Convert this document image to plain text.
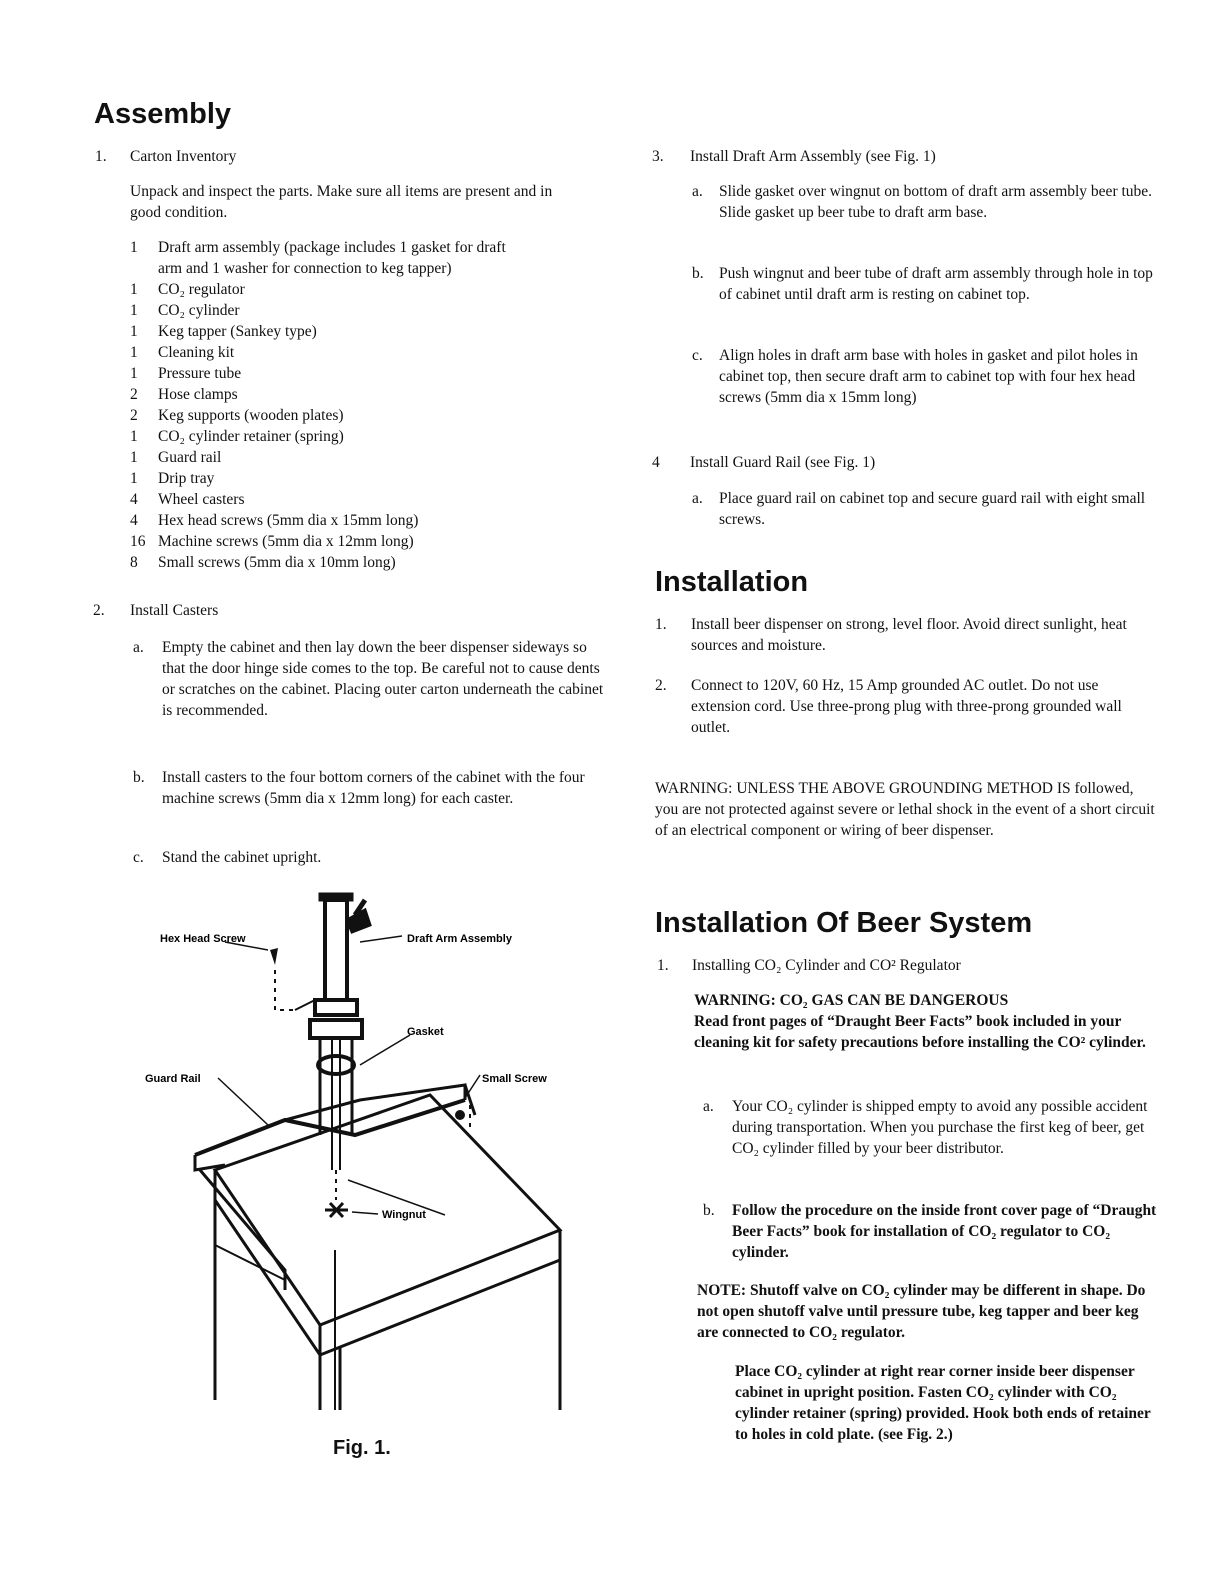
Assembly
1. Carton Inventory
Unpack and inspect the parts. Make sure all items are present and in good condition.
1 Draft arm assembly (package includes 1 gasket for draft
arm and 1 washer for connection to keg tapper)
1 CO₂ regulator
1 CO₂ cylinder
1 Keg tapper (Sankey type)
1 Cleaning kit
1 Pressure tube
2 Hose clamps
2 Keg supports (wooden plates)
1 CO₂ cylinder retainer (spring)
1 Guard rail
1 Drip tray
4 Wheel casters
4 Hex head screws (5mm dia x 15mm long)
16 Machine screws (5mm dia x 12mm long)
8 Small screws (5mm dia x 10mm long)
2. Install Casters
a. Empty the cabinet and then lay down the beer dispenser sideways so that the door hinge side comes to the top. Be careful not to cause dents or scratches on the cabinet. Placing outer carton underneath the cabinet is recommended.
b. Install casters to the four bottom corners of the cabinet with the four machine screws (5mm dia x 12mm long) for each caster.
c. Stand the cabinet upright.
Hex Head Screw	Draft Arm Assembly
Gasket
Guard Rail	Small Screw
Wingnut
Fig. 1.
3. Install Draft Arm Assembly (see Fig. 1)
a. Slide gasket over wingnut on bottom of draft arm assembly beer tube. Slide gasket up beer tube to draft arm base.
b. Push wingnut and beer tube of draft arm assembly through hole in top of cabinet until draft arm is resting on cabinet top.
c. Align holes in draft arm base with holes in gasket and pilot holes in cabinet top, then secure draft arm to cabinet top with four hex head screws (5mm dia x 15mm long)
4 Install Guard Rail (see Fig. 1)
a. Place guard rail on cabinet top and secure guard rail with eight small screws.
Installation
1. Install beer dispenser on strong, level floor. Avoid direct sunlight, heat sources and moisture.
2. Connect to 120V, 60 Hz, 15 Amp grounded AC outlet. Do not use extension cord. Use three-prong plug with three-prong grounded wall outlet.
WARNING: UNLESS THE ABOVE GROUNDING METHOD IS followed, you are not protected against severe or lethal shock in the event of a short circuit of an electrical component or wiring of beer dispenser.
Installation Of Beer System
1. Installing CO₂ Cylinder and CO² Regulator
WARNING: CO₂ GAS CAN BE DANGEROUS
Read front pages of “Draught Beer Facts” book included in your cleaning kit for safety precautions before installing the CO² cylinder.
a. Your CO₂ cylinder is shipped empty to avoid any possible accident during transportation. When you purchase the first keg of beer, get CO₂ cylinder filled by your beer distributor.
b. Follow the procedure on the inside front cover page of “Draught Beer Facts” book for installation of CO₂ regulator to CO₂ cylinder.
NOTE: Shutoff valve on CO₂ cylinder may be different in shape. Do not open shutoff valve until pressure tube, keg tapper and beer keg are connected to CO₂ regulator.
Place CO₂ cylinder at right rear corner inside beer dispenser cabinet in upright position. Fasten CO₂ cylinder with CO₂ cylinder retainer (spring) provided. Hook both ends of retainer to holes in cold plate. (see Fig. 2.)
